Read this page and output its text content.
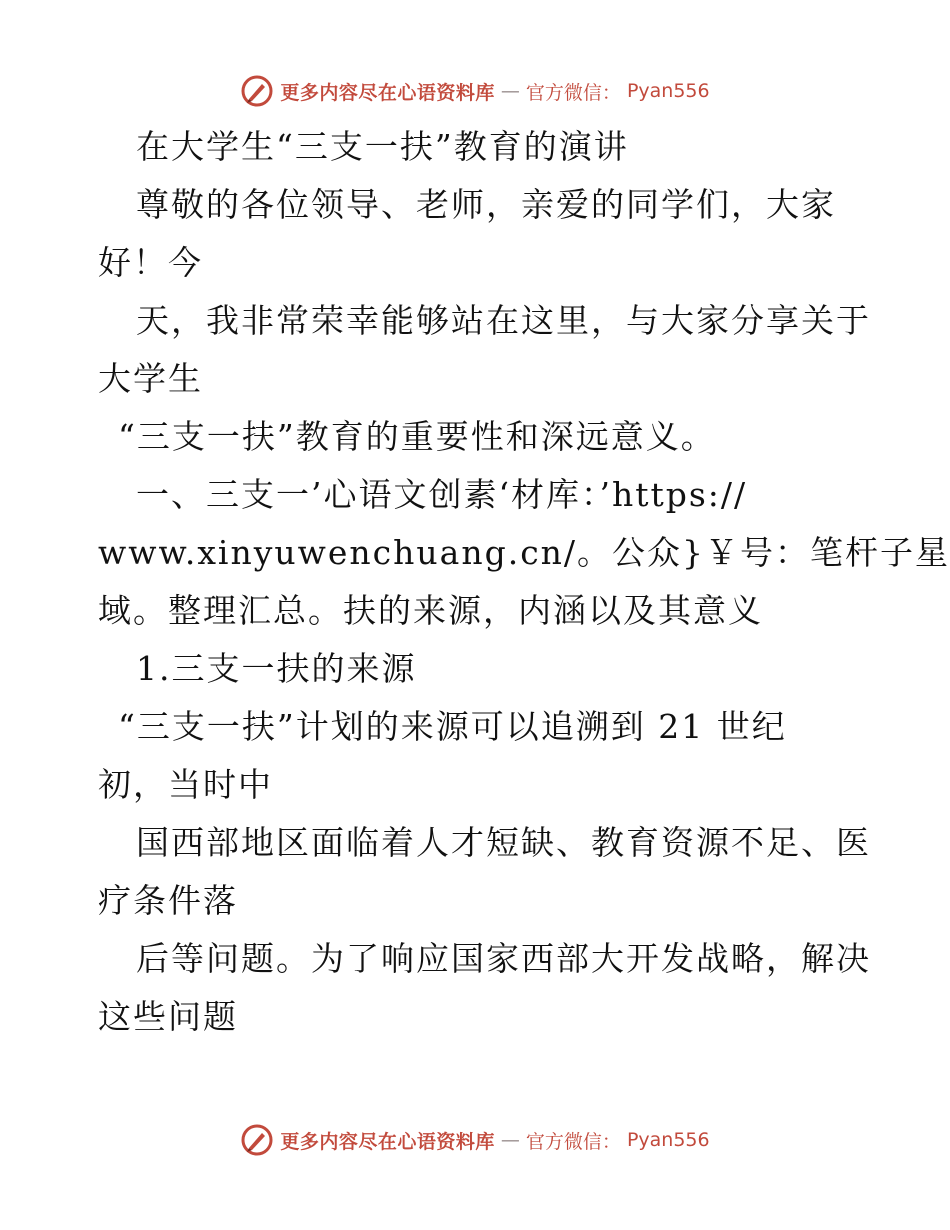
更多内容尽在心语资料库 — 官方微信： Pyan556
在大学生“三支一扶”教育的演讲
尊敬的各位领导、老师，亲爱的同学们，大家
好！今
天，我非常荣幸能够站在这里，与大家分享关于
大学生
“三支一扶”教育的重要性和深远意义。
一、三支一’心语文创素‘材库：’https://
www.xinyuwenchuang.cn/。公众}￥号：笔杆子星
域。整理汇总。扶的来源，内涵以及其意义
1.三支一扶的来源
“三支一扶”计划的来源可以追溯到 21 世纪
初，当时中
国西部地区面临着人才短缺、教育资源不足、医
疗条件落
后等问题。为了响应国家西部大开发战略，解决
这些问题
更多内容尽在心语资料库 — 官方微信： Pyan556
